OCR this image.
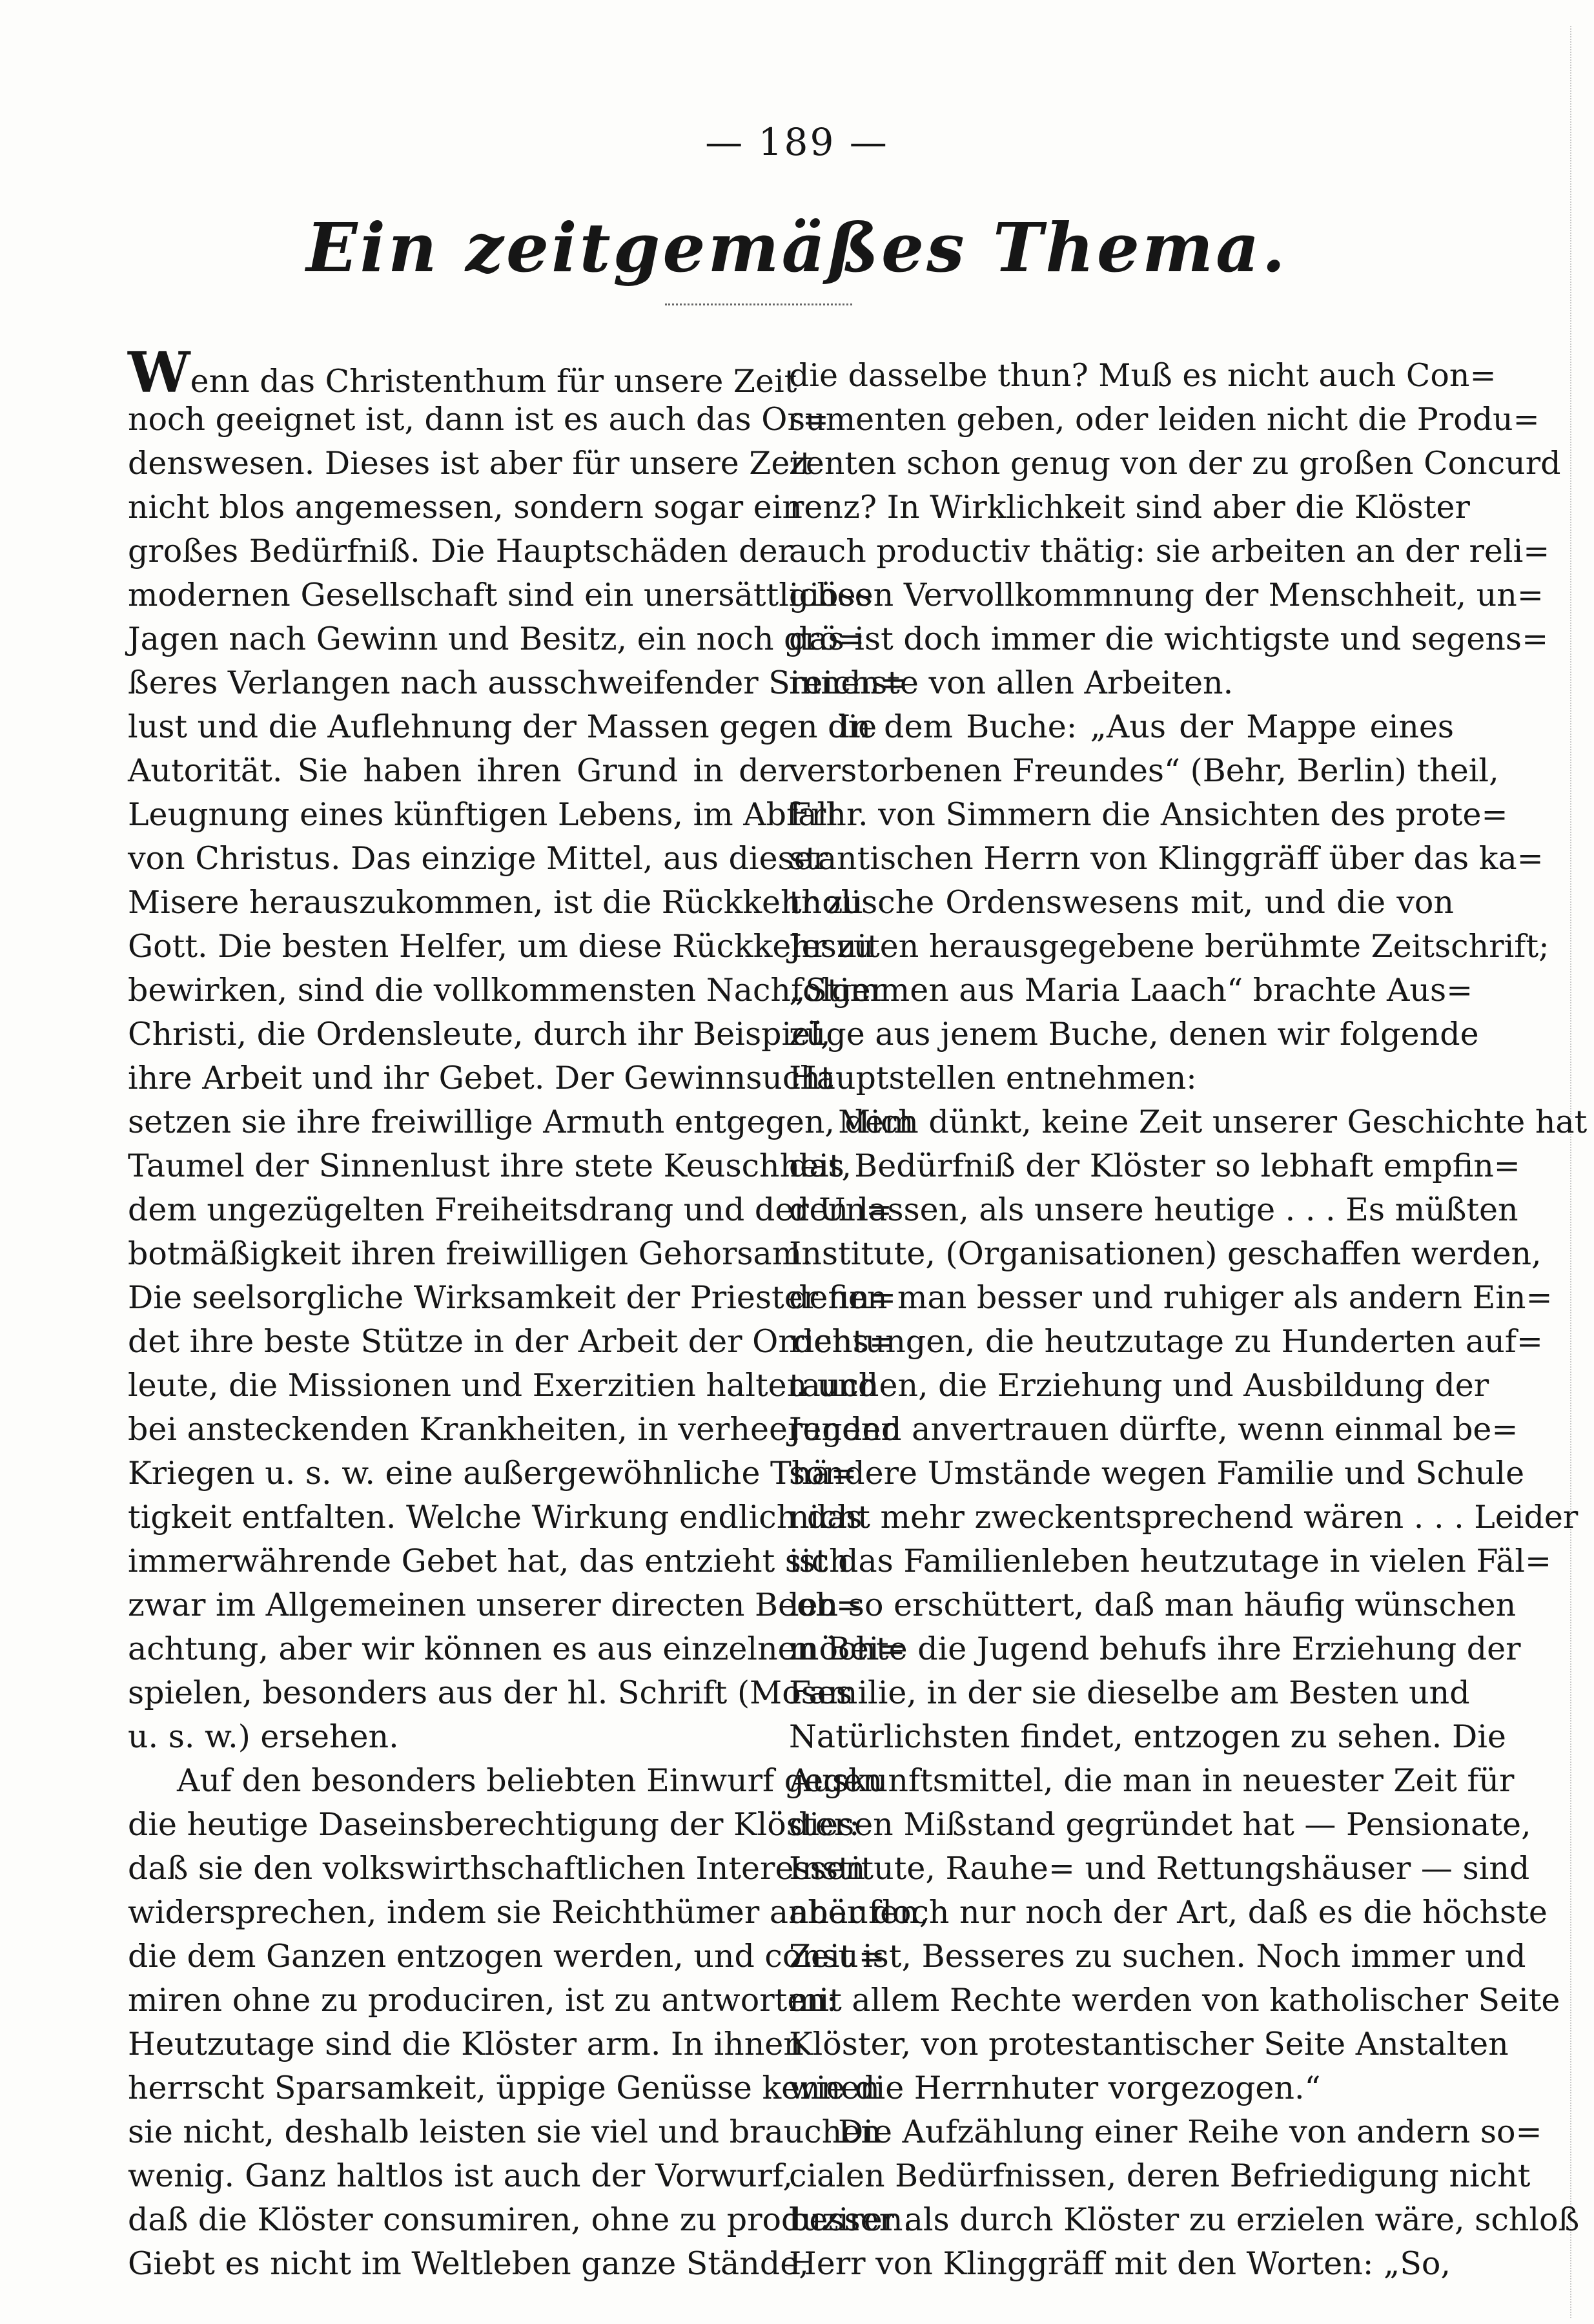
— 189 —
Ein zeitgemäßes Thema.
Wenn das Christenthum für unsere Zeit
noch geeignet ist, dann ist es auch das Or=
denswesen. Dieses ist aber für unsere Zeit
nicht blos angemessen, sondern sogar ein
großes Bedürfniß. Die Hauptschäden der
modernen Gesellschaft sind ein unersättliches
Jagen nach Gewinn und Besitz, ein noch grö=
ßeres Verlangen nach ausschweifender Sinnen=
lust und die Auflehnung der Massen gegen die
Autorität. Sie haben ihren Grund in der
Leugnung eines künftigen Lebens, im Abfall
von Christus. Das einzige Mittel, aus dieser
Misere herauszukommen, ist die Rückkehr zu
Gott. Die besten Helfer, um diese Rückkehr zu
bewirken, sind die vollkommensten Nachfolger
Christi, die Ordensleute, durch ihr Beispiel,
ihre Arbeit und ihr Gebet. Der Gewinnsucht
setzen sie ihre freiwillige Armuth entgegen, dem
Taumel der Sinnenlust ihre stete Keuschheit,
dem ungezügelten Freiheitsdrang und der Un=
botmäßigkeit ihren freiwilligen Gehorsam.
Die seelsorgliche Wirksamkeit der Priester fin=
det ihre beste Stütze in der Arbeit der Ordens=
leute, die Missionen und Exerzitien halten und
bei ansteckenden Krankheiten, in verheerenden
Kriegen u. s. w. eine außergewöhnliche Thä=
tigkeit entfalten. Welche Wirkung endlich das
immerwährende Gebet hat, das entzieht sich
zwar im Allgemeinen unserer directen Beob=
achtung, aber wir können es aus einzelnen Bei=
spielen, besonders aus der hl. Schrift (Moses
u. s. w.) ersehen.
Auf den besonders beliebten Einwurf gegen
die heutige Daseinsberechtigung der Klöster:
daß sie den volkswirthschaftlichen Interessen
widersprechen, indem sie Reichthümer anhäufen,
die dem Ganzen entzogen werden, und consu=
miren ohne zu produciren, ist zu antworten:
Heutzutage sind die Klöster arm. In ihnen
herrscht Sparsamkeit, üppige Genüsse kennen
sie nicht, deshalb leisten sie viel und brauchen
wenig. Ganz haltlos ist auch der Vorwurf,
daß die Klöster consumiren, ohne zu produziren.
Giebt es nicht im Weltleben ganze Stände,
die dasselbe thun? Muß es nicht auch Con=
sumenten geben, oder leiden nicht die Produ=
zenten schon genug von der zu großen Concurd
renz? In Wirklichkeit sind aber die Klöster
auch productiv thätig: sie arbeiten an der reli=
giösen Vervollkommnung der Menschheit, un=
das ist doch immer die wichtigste und segens=
reichste von allen Arbeiten.
In dem Buche: „Aus der Mappe eines
verstorbenen Freundes“ (Behr, Berlin) theil,
Frhr. von Simmern die Ansichten des prote=
stantischen Herrn von Klinggräff über das ka=
tholische Ordenswesens mit, und die von
Jesuiten herausgegebene berühmte Zeitschrift;
„Stimmen aus Maria Laach“ brachte Aus=
züge aus jenem Buche, denen wir folgende
Hauptstellen entnehmen:
Mich dünkt, keine Zeit unserer Geschichte hat
das Bedürfniß der Klöster so lebhaft empfin=
den lassen, als unsere heutige . . . Es müßten
Institute, (Organisationen) geschaffen werden,
denen man besser und ruhiger als andern Ein=
richtungen, die heutzutage zu Hunderten auf=
tauchen, die Erziehung und Ausbildung der
Jugend anvertrauen dürfte, wenn einmal be=
sondere Umstände wegen Familie und Schule
nicht mehr zweckentsprechend wären . . . Leider
ist das Familienleben heutzutage in vielen Fäl=
len so erschüttert, daß man häufig wünschen
möchte die Jugend behufs ihre Erziehung der
Familie, in der sie dieselbe am Besten und
Natürlichsten findet, entzogen zu sehen. Die
Auskunftsmittel, die man in neuester Zeit für
diesen Mißstand gegründet hat — Pensionate,
Institute, Rauhe= und Rettungshäuser — sind
aber doch nur noch der Art, daß es die höchste
Zeit ist, Besseres zu suchen. Noch immer und
mit allem Rechte werden von katholischer Seite
Klöster, von protestantischer Seite Anstalten
wie die Herrnhuter vorgezogen.“
Die Aufzählung einer Reihe von andern so=
cialen Bedürfnissen, deren Befriedigung nicht
besser als durch Klöster zu erzielen wäre, schloß
Herr von Klinggräff mit den Worten: „So,
